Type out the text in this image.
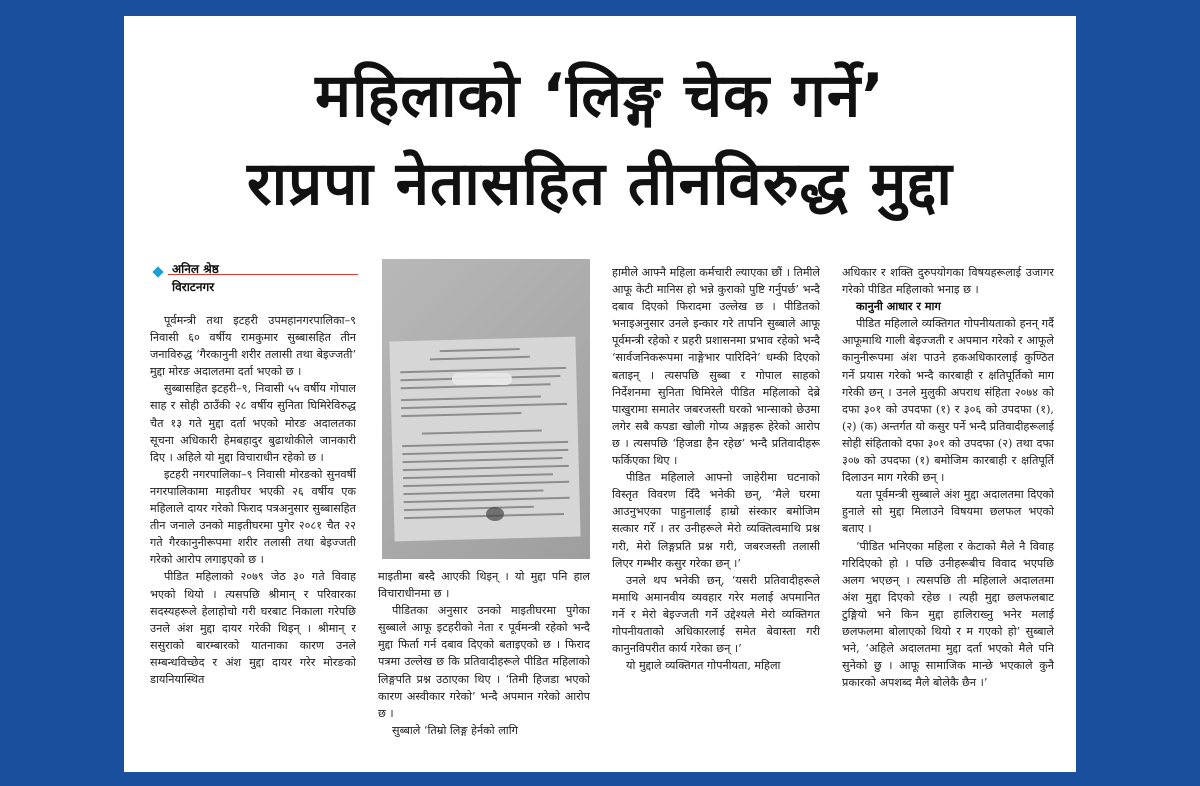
महिलाको ‘लिङ्ग चेक गर्ने’
राप्रपा नेतासहित तीनविरुद्ध मुद्दा
अनिल श्रेष्ठ
विराटनगर

पूर्वमन्त्री तथा इटहरी उपमहानगरपालिका–९ निवासी ६० वर्षीय रामकुमार सुब्बासहित तीन जनाविरुद्ध ‘गैरकानुनी शरीर तलासी तथा बेइज्जती’ मुद्दा मोरङ अदालतमा दर्ता भएको छ ।

सुब्बासहित इटहरी–९, निवासी ५५ वर्षीय गोपाल साह र सोही ठाउँकी २८ वर्षीय सुनिता घिमिरेविरुद्ध चैत १३ गते मुद्दा दर्ता भएको मोरङ अदालतका सूचना अधिकारी हेमबहादुर बुढाथोकीले जानकारी दिए । अहिले यो मुद्दा विचाराधीन रहेको छ ।

इटहरी नगरपालिका–९ निवासी मोरङको सुनवर्षी नगरपालिकामा माइतीघर भएकी २६ वर्षीय एक महिलाले दायर गरेको फिराद पत्रअनुसार सुब्बासहित तीन जनाले उनको माइतीघरमा पुगेर २०८१ चैत २२ गते गैरकानुनीरूपमा शरीर तलासी तथा बेइज्जती गरेको आरोप लगाइएको छ ।

पीडित महिलाको २०७९ जेठ ३० गते विवाह भएको थियो । त्यसपछि श्रीमान् र परिवारका सदस्यहरूले हेलाहोचो गरी घरबाट निकाला गरेपछि उनले अंश मुद्दा दायर गरेकी थिइन् । श्रीमान् र ससुराको बारम्बारको यातनाका कारण उनले सम्बन्धविच्छेद र अंश मुद्दा दायर गरेर मोरङको डायनियास्थित

माइतीमा बस्दै आएकी थिइन् । यो मुद्दा पनि हाल विचाराधीनमा छ ।

पीडितका अनुसार उनको माइतीघरमा पुगेका सुब्बाले आफू इटहरीको नेता र पूर्वमन्त्री रहेको भन्दै मुद्दा फिर्ता गर्न दबाव दिएको बताइएको छ । फिराद पत्रमा उल्लेख छ कि प्रतिवादीहरूले पीडित महिलाको लिङ्गपति प्रश्न उठाएका थिए । ‘तिमी हिजडा भएको कारण अस्वीकार गरेको’ भन्दै अपमान गरेको आरोप छ ।

सुब्बाले ‘तिम्रो लिङ्ग हेर्नको लागि

हामीले आफ्नै महिला कर्मचारी ल्याएका छौं । तिमीले आफू केटी मानिस हो भन्ने कुराको पुष्टि गर्नुपर्छ’ भन्दै दबाव दिएको फिरादमा उल्लेख छ । पीडितको भनाइअनुसार उनले इन्कार गरे तापनि सुब्बाले आफू पूर्वमन्त्री रहेको र प्रहरी प्रशासनमा प्रभाव रहेको भन्दै ‘सार्वजनिकरूपमा नाङ्गेभार पारिदिने’ धम्की दिएको बताइन् । त्यसपछि सुब्बा र गोपाल साहको निर्देशनमा सुनिता घिमिरेले पीडित महिलाको देब्रे पाखुरामा समातेर जबरजस्ती घरको भान्साको छेउमा लगेर सबै कपडा खोली गोप्य अङ्गहरू हेरेको आरोप छ । त्यसपछि ‘हिजडा हैन रहेछ’ भन्दै प्रतिवादीहरू फर्किएका थिए ।

पीडित महिलाले आफ्नो जाहेरीमा घटनाको विस्तृत विवरण दिँदै भनेकी छन्, ‘मैले घरमा आउनुभएका पाहुनालाई हाम्रो संस्कार बमोजिम सत्कार गरेँ । तर उनीहरूले मेरो व्यक्तित्वमाथि प्रश्न गरी, मेरो लिङ्गप्रति प्रश्न गरी, जबरजस्ती तलासी लिएर गम्भीर कसुर गरेका छन् ।’

उनले थप भनेकी छन्, ‘यसरी प्रतिवादीहरूले ममाथि अमानवीय व्यवहार गरेर मलाई अपमानित गर्ने र मेरो बेइज्जती गर्ने उद्देश्यले मेरो व्यक्तिगत गोपनीयताको अधिकारलाई समेत बेवास्ता गरी कानुनविपरीत कार्य गरेका छन् ।’

यो मुद्दाले व्यक्तिगत गोपनीयता, महिला

अधिकार र शक्ति दुरुपयोगका विषयहरूलाई उजागर गरेको पीडित महिलाको भनाइ छ ।

कानुनी आधार र माग

पीडित महिलाले व्यक्तिगत गोपनीयताको हनन् गर्दै आफूमाथि गाली बेइज्जती र अपमान गरेको र आफूले कानुनीरूपमा अंश पाउने हकअधिकारलाई कुण्ठित गर्ने प्रयास गरेको भन्दै कारबाही र क्षतिपूर्तिको माग गरेकी छन् । उनले मुलुकी अपराध संहिता २०७४ को दफा ३०१ को उपदफा (१) र ३०६ को उपदफा (१), (२) (क) अन्तर्गत यो कसुर पर्ने भन्दै प्रतिवादीहरूलाई सोही संहिताको दफा ३०१ को उपदफा (२) तथा दफा ३०७ को उपदफा (१) बमोजिम कारबाही र क्षतिपूर्ति दिलाउन माग गरेकी छन् ।

यता पूर्वमन्त्री सुब्बाले अंश मुद्दा अदालतमा दिएको हुनाले सो मुद्दा मिलाउने विषयमा छलफल भएको बताए ।

‘पीडित भनिएका महिला र केटाको मैले नै विवाह गरिदिएको हो । पछि उनीहरूबीच विवाद भएपछि अलग भएछन् । त्यसपछि ती महिलाले अदालतमा अंश मुद्दा दिएको रहेछ । त्यही मुद्दा छलफलबाट टुङ्गियो भने किन मुद्दा हालिराख्नु भनेर मलाई छलफलमा बोलाएको थियो र म गएको हो’ सुब्बाले भने, ‘अहिले अदालतमा मुद्दा दर्ता भएको मैले पनि सुनेको छु । आफू सामाजिक मान्छे भएकाले कुनै प्रकारको अपशब्द मैले बोलेकै छैन ।’
